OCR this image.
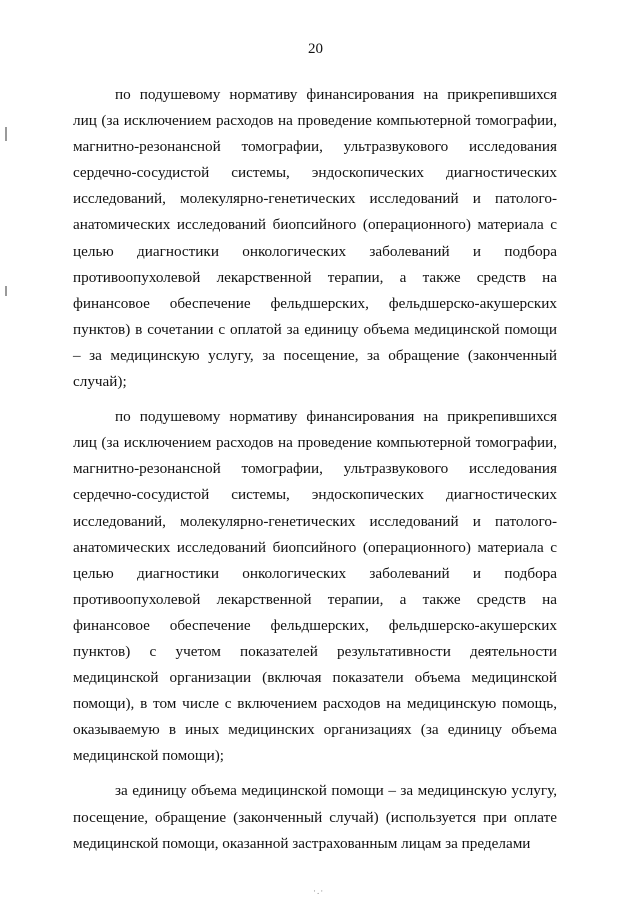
20

по подушевому нормативу финансирования на прикрепившихся лиц (за исключением расходов на проведение компьютерной томографии, магнитно-резонансной томографии, ультразвукового исследования сердечно-сосудистой системы, эндоскопических диагностических исследований, молекулярно-генетических исследований и патолого-анатомических исследований биопсийного (операционного) материала с целью диагностики онкологических заболеваний и подбора противоопухолевой лекарственной терапии, а также средств на финансовое обеспечение фельдшерских, фельдшерско-акушерских пунктов) в сочетании с оплатой за единицу объема медицинской помощи – за медицинскую услугу, за посещение, за обращение (законченный случай);

по подушевому нормативу финансирования на прикрепившихся лиц (за исключением расходов на проведение компьютерной томографии, магнитно-резонансной томографии, ультразвукового исследования сердечно-сосудистой системы, эндоскопических диагностических исследований, молекулярно-генетических исследований и патолого-анатомических исследований биопсийного (операционного) материала с целью диагностики онкологических заболеваний и подбора противоопухолевой лекарственной терапии, а также средств на финансовое обеспечение фельдшерских, фельдшерско-акушерских пунктов) с учетом показателей результативности деятельности медицинской организации (включая показатели объема медицинской помощи), в том числе с включением расходов на медицинскую помощь, оказываемую в иных медицинских организациях (за единицу объема медицинской помощи);

за единицу объема медицинской помощи – за медицинскую услугу, посещение, обращение (законченный случай) (используется при оплате медицинской помощи, оказанной застрахованным лицам за пределами

·.·
